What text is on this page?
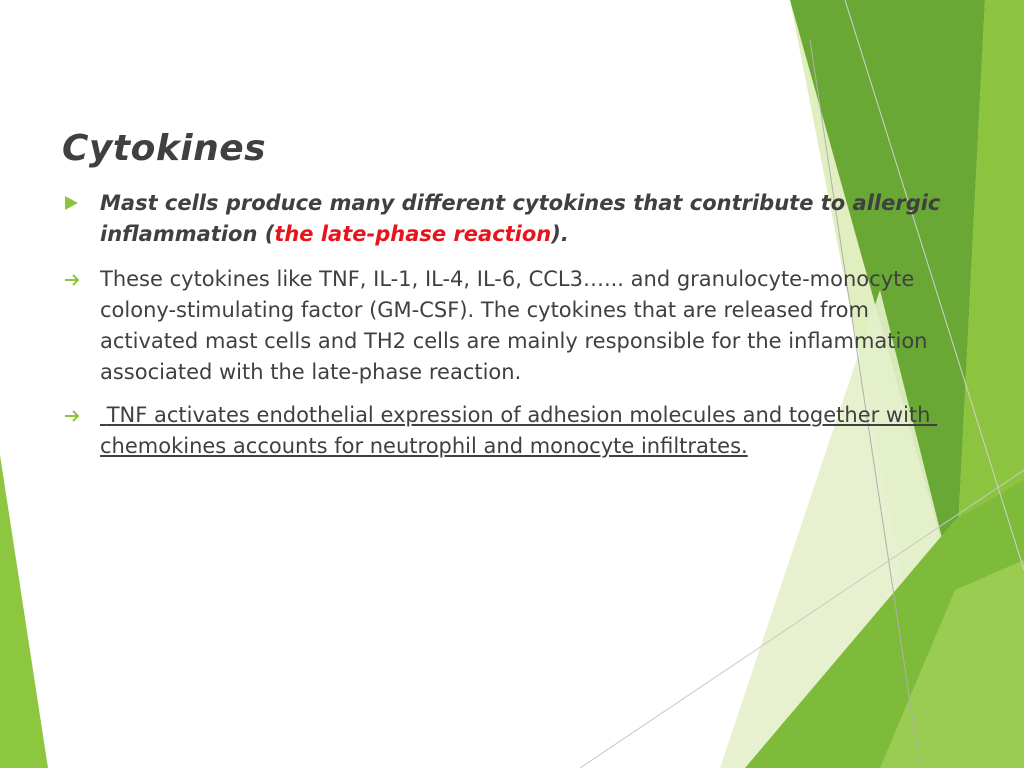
Cytokines
Mast cells produce many different cytokines that contribute to allergic inflammation (the late-phase reaction).
These cytokines like TNF, IL-1, IL-4, IL-6, CCL3…... and granulocyte-monocyte colony-stimulating factor (GM-CSF). The cytokines that are released from activated mast cells and TH2 cells are mainly responsible for the inflammation associated with the late-phase reaction.
TNF activates endothelial expression of adhesion molecules and together with chemokines accounts for neutrophil and monocyte infiltrates.
